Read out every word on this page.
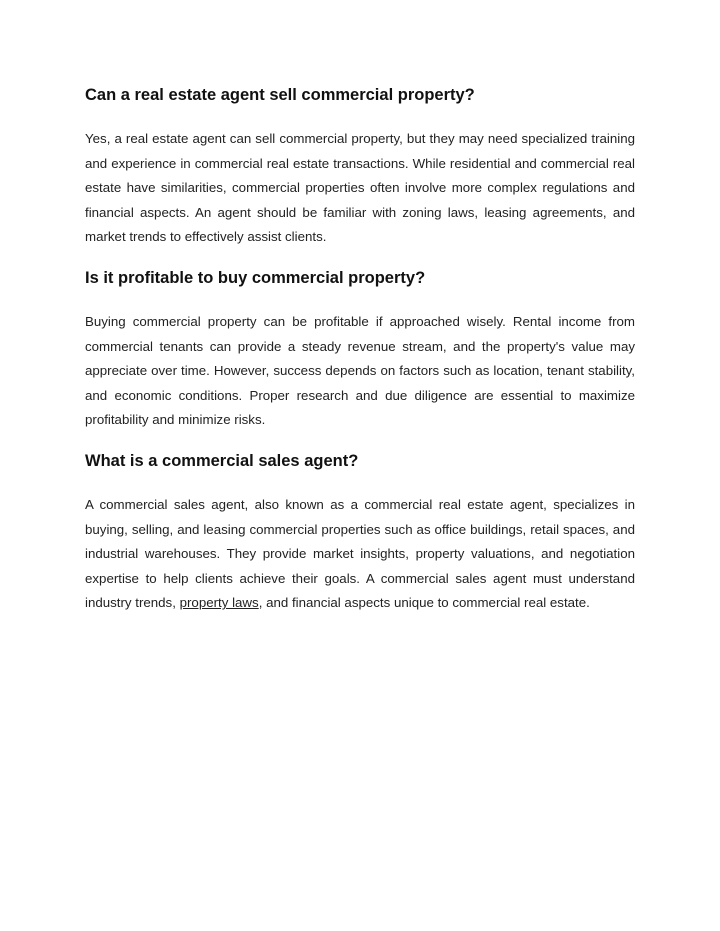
Can a real estate agent sell commercial property?

Yes, a real estate agent can sell commercial property, but they may need specialized training and experience in commercial real estate transactions. While residential and commercial real estate have similarities, commercial properties often involve more complex regulations and financial aspects. An agent should be familiar with zoning laws, leasing agreements, and market trends to effectively assist clients.

Is it profitable to buy commercial property?

Buying commercial property can be profitable if approached wisely. Rental income from commercial tenants can provide a steady revenue stream, and the property's value may appreciate over time. However, success depends on factors such as location, tenant stability, and economic conditions. Proper research and due diligence are essential to maximize profitability and minimize risks.

What is a commercial sales agent?

A commercial sales agent, also known as a commercial real estate agent, specializes in buying, selling, and leasing commercial properties such as office buildings, retail spaces, and industrial warehouses. They provide market insights, property valuations, and negotiation expertise to help clients achieve their goals. A commercial sales agent must understand industry trends, property laws, and financial aspects unique to commercial real estate.
